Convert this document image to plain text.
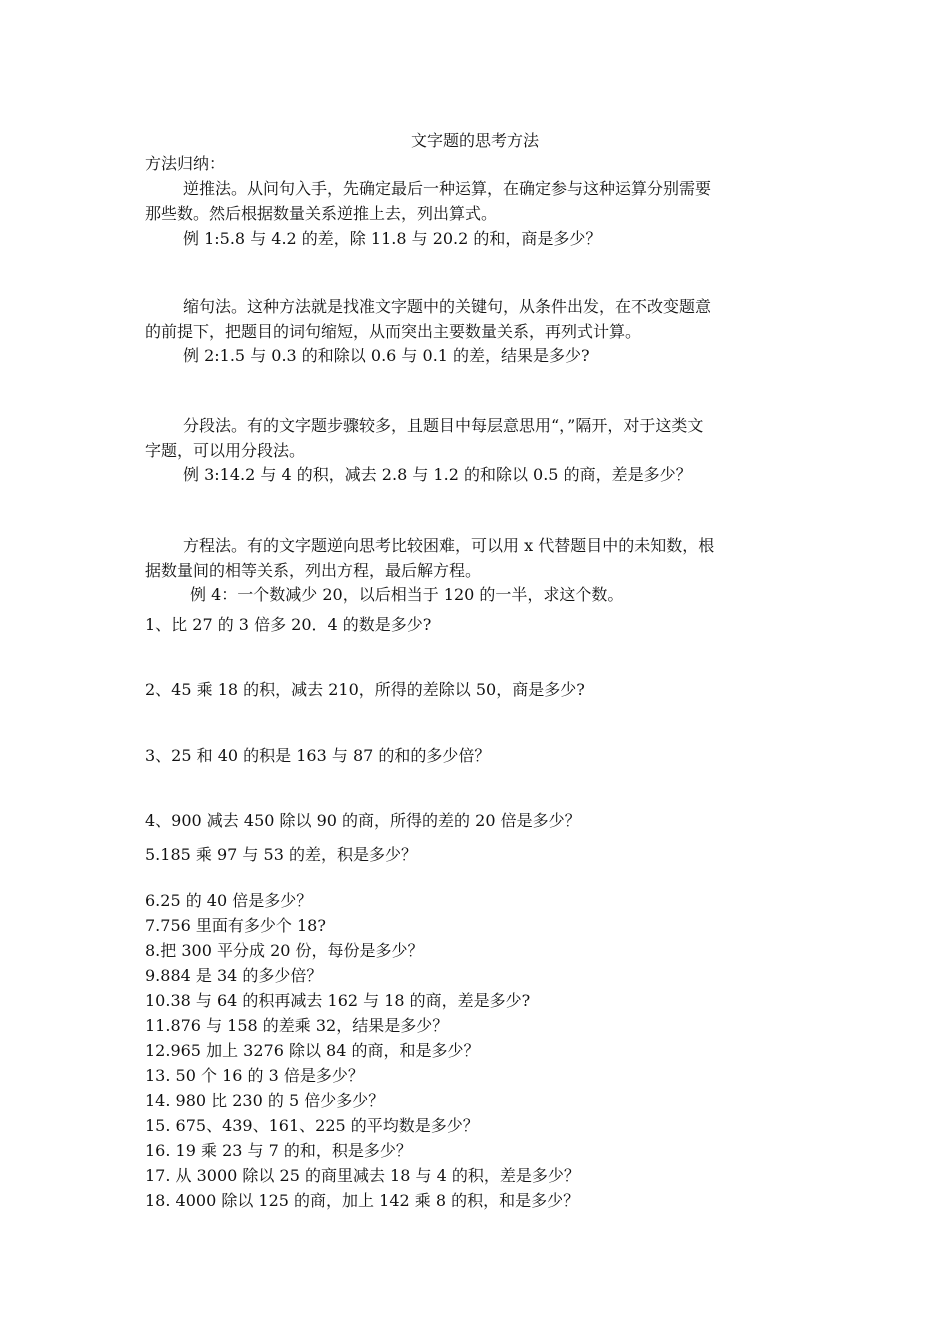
文字题的思考方法
方法归纳：
逆推法。从问句入手，先确定最后一种运算，在确定参与这种运算分别需要
那些数。然后根据数量关系逆推上去，列出算式。
例 1:5.8 与 4.2 的差，除 11.8 与 20.2 的和，商是多少？
缩句法。这种方法就是找准文字题中的关键句，从条件出发，在不改变题意
的前提下，把题目的词句缩短，从而突出主要数量关系，再列式计算。
例 2:1.5 与 0.3 的和除以 0.6 与 0.1 的差，结果是多少?
分段法。有的文字题步骤较多，且题目中每层意思用“，”隔开，对于这类文
字题，可以用分段法。
例 3:14.2 与 4 的积，减去 2.8 与 1.2 的和除以 0.5 的商，差是多少？
方程法。有的文字题逆向思考比较困难，可以用 x 代替题目中的未知数，根
据数量间的相等关系，列出方程，最后解方程。
例 4：一个数减少 20，以后相当于 120 的一半，求这个数。
1、比 27 的 3 倍多 20．4 的数是多少?
2、45 乘 18 的积，减去 210，所得的差除以 50，商是多少?
3、25 和 40 的积是 163 与 87 的和的多少倍？
4、900 减去 450 除以 90 的商，所得的差的 20 倍是多少？
5.185 乘 97 与 53 的差，积是多少？
6.25 的 40 倍是多少？
7.756 里面有多少个 18?
8.把 300 平分成 20 份，每份是多少？
9.884 是 34 的多少倍？
10.38 与 64 的积再减去 162 与 18 的商，差是多少?
11.876 与 158 的差乘 32，结果是多少？
12.965 加上 3276 除以 84 的商，和是多少？
13. 50 个 16 的 3 倍是多少？
14. 980 比 230 的 5 倍少多少？
15. 675、439、161、225 的平均数是多少？
16. 19 乘 23 与 7 的和，积是多少？
17. 从 3000 除以 25 的商里减去 18 与 4 的积，差是多少？
18. 4000 除以 125 的商，加上 142 乘 8 的积，和是多少？
